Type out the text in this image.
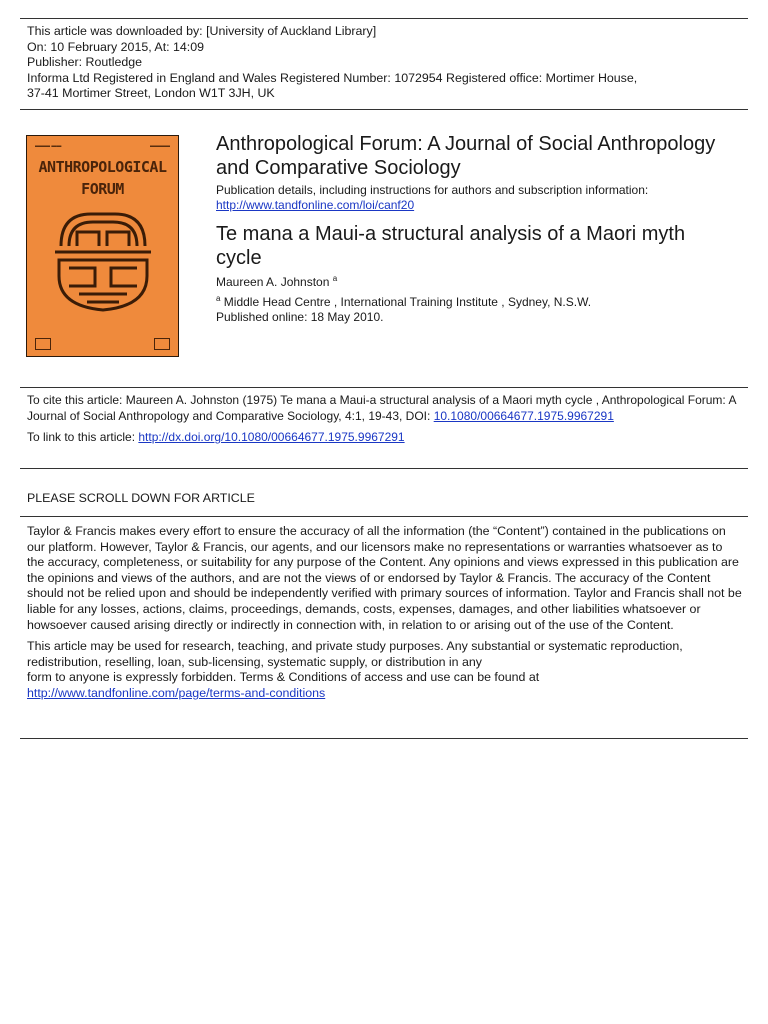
This article was downloaded by: [University of Auckland Library]
On: 10 February 2015, At: 14:09
Publisher: Routledge
Informa Ltd Registered in England and Wales Registered Number: 1072954 Registered office: Mortimer House,
37-41 Mortimer Street, London W1T 3JH, UK
▬▬▬ ▬▬	▬▬▬▬
ANTHROPOLOGICAL
FORUM
Anthropological Forum: A Journal of Social Anthropology and Comparative Sociology
Publication details, including instructions for authors and subscription information:
http://www.tandfonline.com/loi/canf20
Te mana a Maui-a structural analysis of a Maori myth cycle
Maureen A. Johnston $^a$
$^a$ Middle Head Centre , International Training Institute , Sydney, N.S.W.
Published online: 18 May 2010.

To cite this article: Maureen A. Johnston (1975) Te mana a Maui-a structural analysis of a Maori myth cycle , Anthropological Forum: A Journal of Social Anthropology and Comparative Sociology, 4:1, 19-43, DOI: 10.1080/00664677.1975.9967291

To link to this article: http://dx.doi.org/10.1080/00664677.1975.9967291

PLEASE SCROLL DOWN FOR ARTICLE

Taylor & Francis makes every effort to ensure the accuracy of all the information (the “Content”) contained in the publications on our platform. However, Taylor & Francis, our agents, and our licensors make no representations or warranties whatsoever as to the accuracy, completeness, or suitability for any purpose of the Content. Any opinions and views expressed in this publication are the opinions and views of the authors, and are not the views of or endorsed by Taylor & Francis. The accuracy of the Content should not be relied upon and should be independently verified with primary sources of information. Taylor and Francis shall not be liable for any losses, actions, claims, proceedings, demands, costs, expenses, damages, and other liabilities whatsoever or howsoever caused arising directly or indirectly in connection with, in relation to or arising out of the use of the Content.

This article may be used for research, teaching, and private study purposes. Any substantial or systematic reproduction, redistribution, reselling, loan, sub-licensing, systematic supply, or distribution in any
form to anyone is expressly forbidden. Terms & Conditions of access and use can be found at http://www.tandfonline.com/page/terms-and-conditions
